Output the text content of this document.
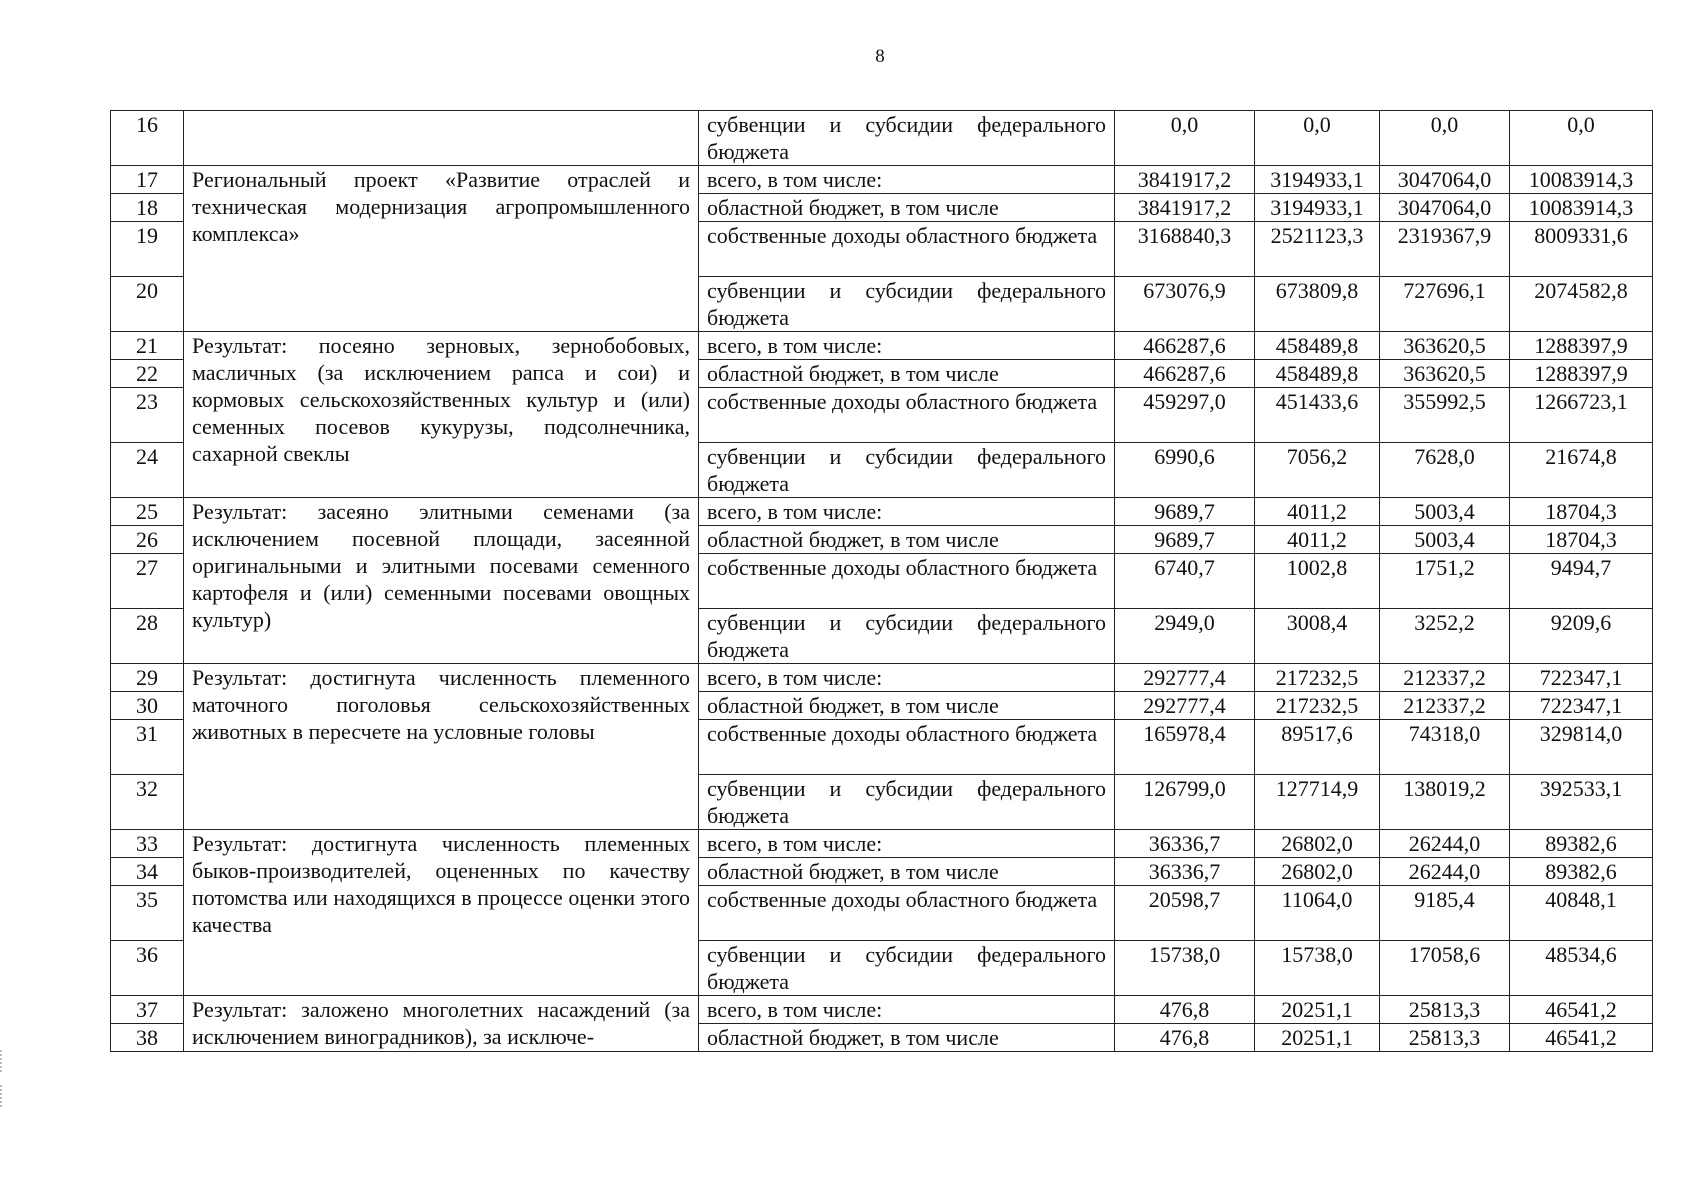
8
16		субвенции и субсидии федерального бюджета	0,0	0,0	0,0	0,0
17	Региональный проект «Развитие отраслей и техническая модернизация агропромышленного комплекса»	всего, в том числе:	3841917,2	3194933,1	3047064,0	10083914,3
18		областной бюджет, в том числе	3841917,2	3194933,1	3047064,0	10083914,3
19		собственные доходы областного бюджета	3168840,3	2521123,3	2319367,9	8009331,6
20		субвенции и субсидии федерального бюджета	673076,9	673809,8	727696,1	2074582,8
21	Результат: посеяно зерновых, зернобобовых, масличных (за исключением рапса и сои) и кормовых сельскохозяйственных культур и (или) семенных посевов кукурузы, подсолнечника, сахарной свеклы	всего, в том числе:	466287,6	458489,8	363620,5	1288397,9
22		областной бюджет, в том числе	466287,6	458489,8	363620,5	1288397,9
23		собственные доходы областного бюджета	459297,0	451433,6	355992,5	1266723,1
24		субвенции и субсидии федерального бюджета	6990,6	7056,2	7628,0	21674,8
25	Результат: засеяно элитными семенами (за исключением посевной площади, засеянной оригинальными и элитными посевами семенного картофеля и (или) семенными посевами овощных культур)	всего, в том числе:	9689,7	4011,2	5003,4	18704,3
26		областной бюджет, в том числе	9689,7	4011,2	5003,4	18704,3
27		собственные доходы областного бюджета	6740,7	1002,8	1751,2	9494,7
28		субвенции и субсидии федерального бюджета	2949,0	3008,4	3252,2	9209,6
29	Результат: достигнута численность племенного маточного поголовья сельскохозяйственных животных в пересчете на условные головы	всего, в том числе:	292777,4	217232,5	212337,2	722347,1
30		областной бюджет, в том числе	292777,4	217232,5	212337,2	722347,1
31		собственные доходы областного бюджета	165978,4	89517,6	74318,0	329814,0
32		субвенции и субсидии федерального бюджета	126799,0	127714,9	138019,2	392533,1
33	Результат: достигнута численность племенных быков-производителей, оцененных по качеству потомства или находящихся в процессе оценки этого качества	всего, в том числе:	36336,7	26802,0	26244,0	89382,6
34		областной бюджет, в том числе	36336,7	26802,0	26244,0	89382,6
35		собственные доходы областного бюджета	20598,7	11064,0	9185,4	40848,1
36		субвенции и субсидии федерального бюджета	15738,0	15738,0	17058,6	48534,6
37	Результат: заложено многолетних насаждений (за исключением виноградников), за исключе-	всего, в том числе:	476,8	20251,1	25813,3	46541,2
38		областной бюджет, в том числе	476,8	20251,1	25813,3	46541,2
